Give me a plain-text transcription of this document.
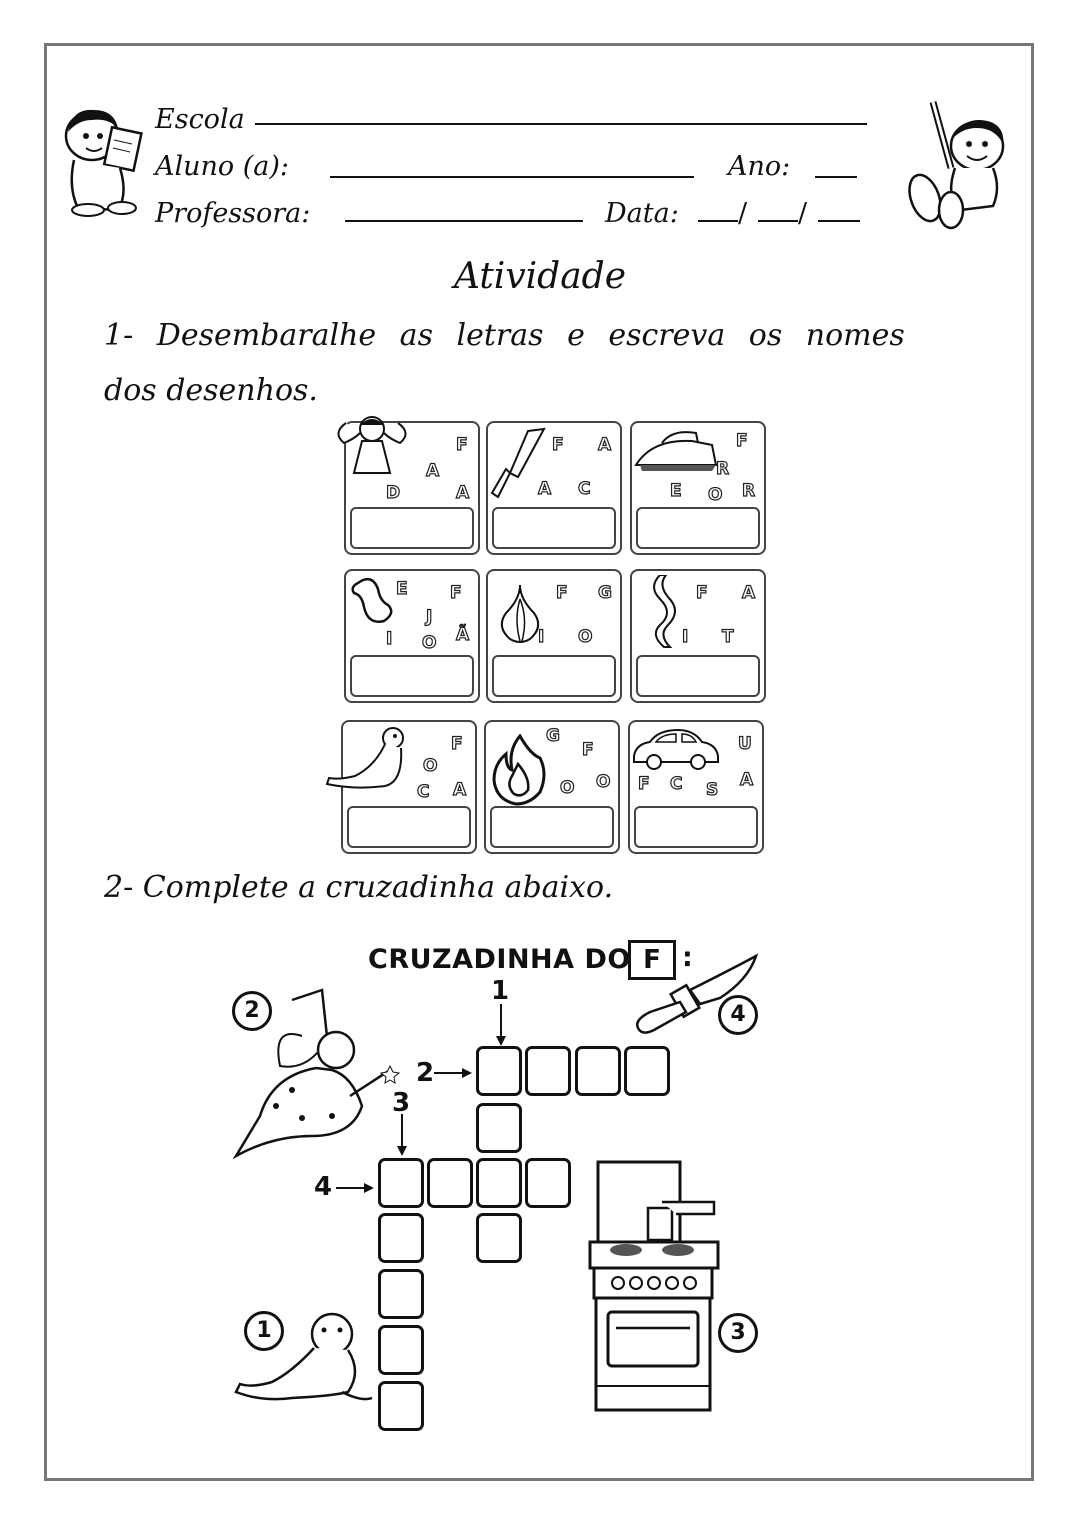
Escola
Aluno (a):	Ano:
Professora:	Data: / /
Atividade
1- Desembaralhe as letras e escreva os nomes
dos desenhos.
F
A
D	A
F A
A C
F
R
E O R
E F
J
I O Ã
F G
I O
F A
I T
F
O
C A
G
F
O O
U
F C S A
2- Complete a cruzadinha abaixo.
CRUZADINHA DO F :
1
2
3
4
2	4
1	3
